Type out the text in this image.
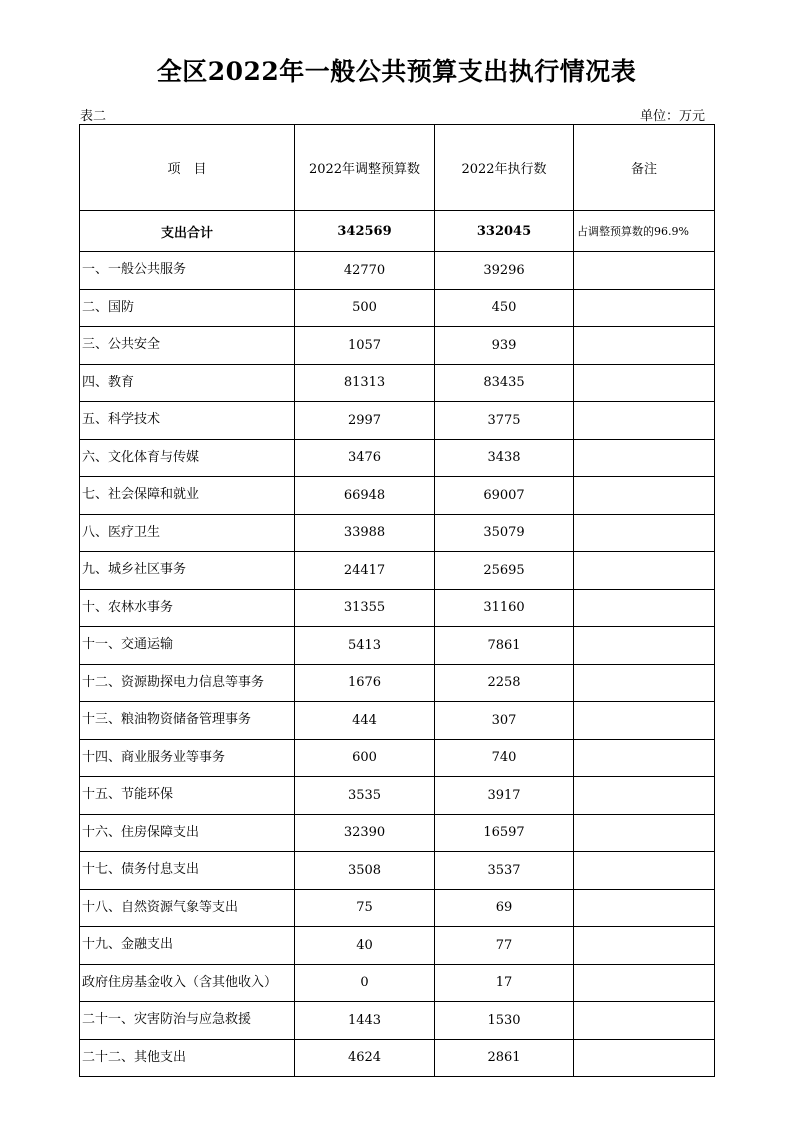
全区2022年一般公共预算支出执行情况表
表二	单位：万元
项　目	2022年调整预算数	2022年执行数	备注
支出合计	342569	332045	占调整预算数的96.9%
一、一般公共服务	42770	39296	
二、国防	500	450	
三、公共安全	1057	939	
四、教育	81313	83435	
五、科学技术	2997	3775	
六、文化体育与传媒	3476	3438	
七、社会保障和就业	66948	69007	
八、医疗卫生	33988	35079	
九、城乡社区事务	24417	25695	
十、农林水事务	31355	31160	
十一、交通运输	5413	7861	
十二、资源勘探电力信息等事务	1676	2258	
十三、粮油物资储备管理事务	444	307	
十四、商业服务业等事务	600	740	
十五、节能环保	3535	3917	
十六、住房保障支出	32390	16597	
十七、债务付息支出	3508	3537	
十八、自然资源气象等支出	75	69	
十九、金融支出	40	77	
政府住房基金收入（含其他收入）	0	17	
二十一、灾害防治与应急救援	1443	1530	
二十二、其他支出	4624	2861	
